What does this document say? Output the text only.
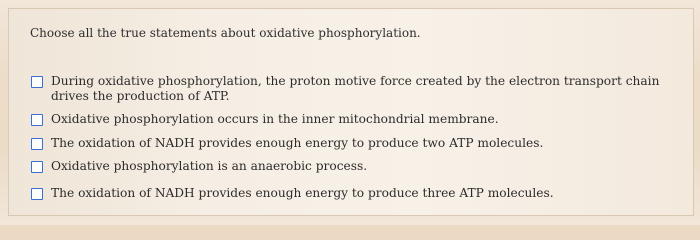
Choose all the true statements about oxidative phosphorylation.
During oxidative phosphorylation, the proton motive force created by the electron transport chain drives the production of ATP.
Oxidative phosphorylation occurs in the inner mitochondrial membrane.
The oxidation of NADH provides enough energy to produce two ATP molecules.
Oxidative phosphorylation is an anaerobic process.
The oxidation of NADH provides enough energy to produce three ATP molecules.
